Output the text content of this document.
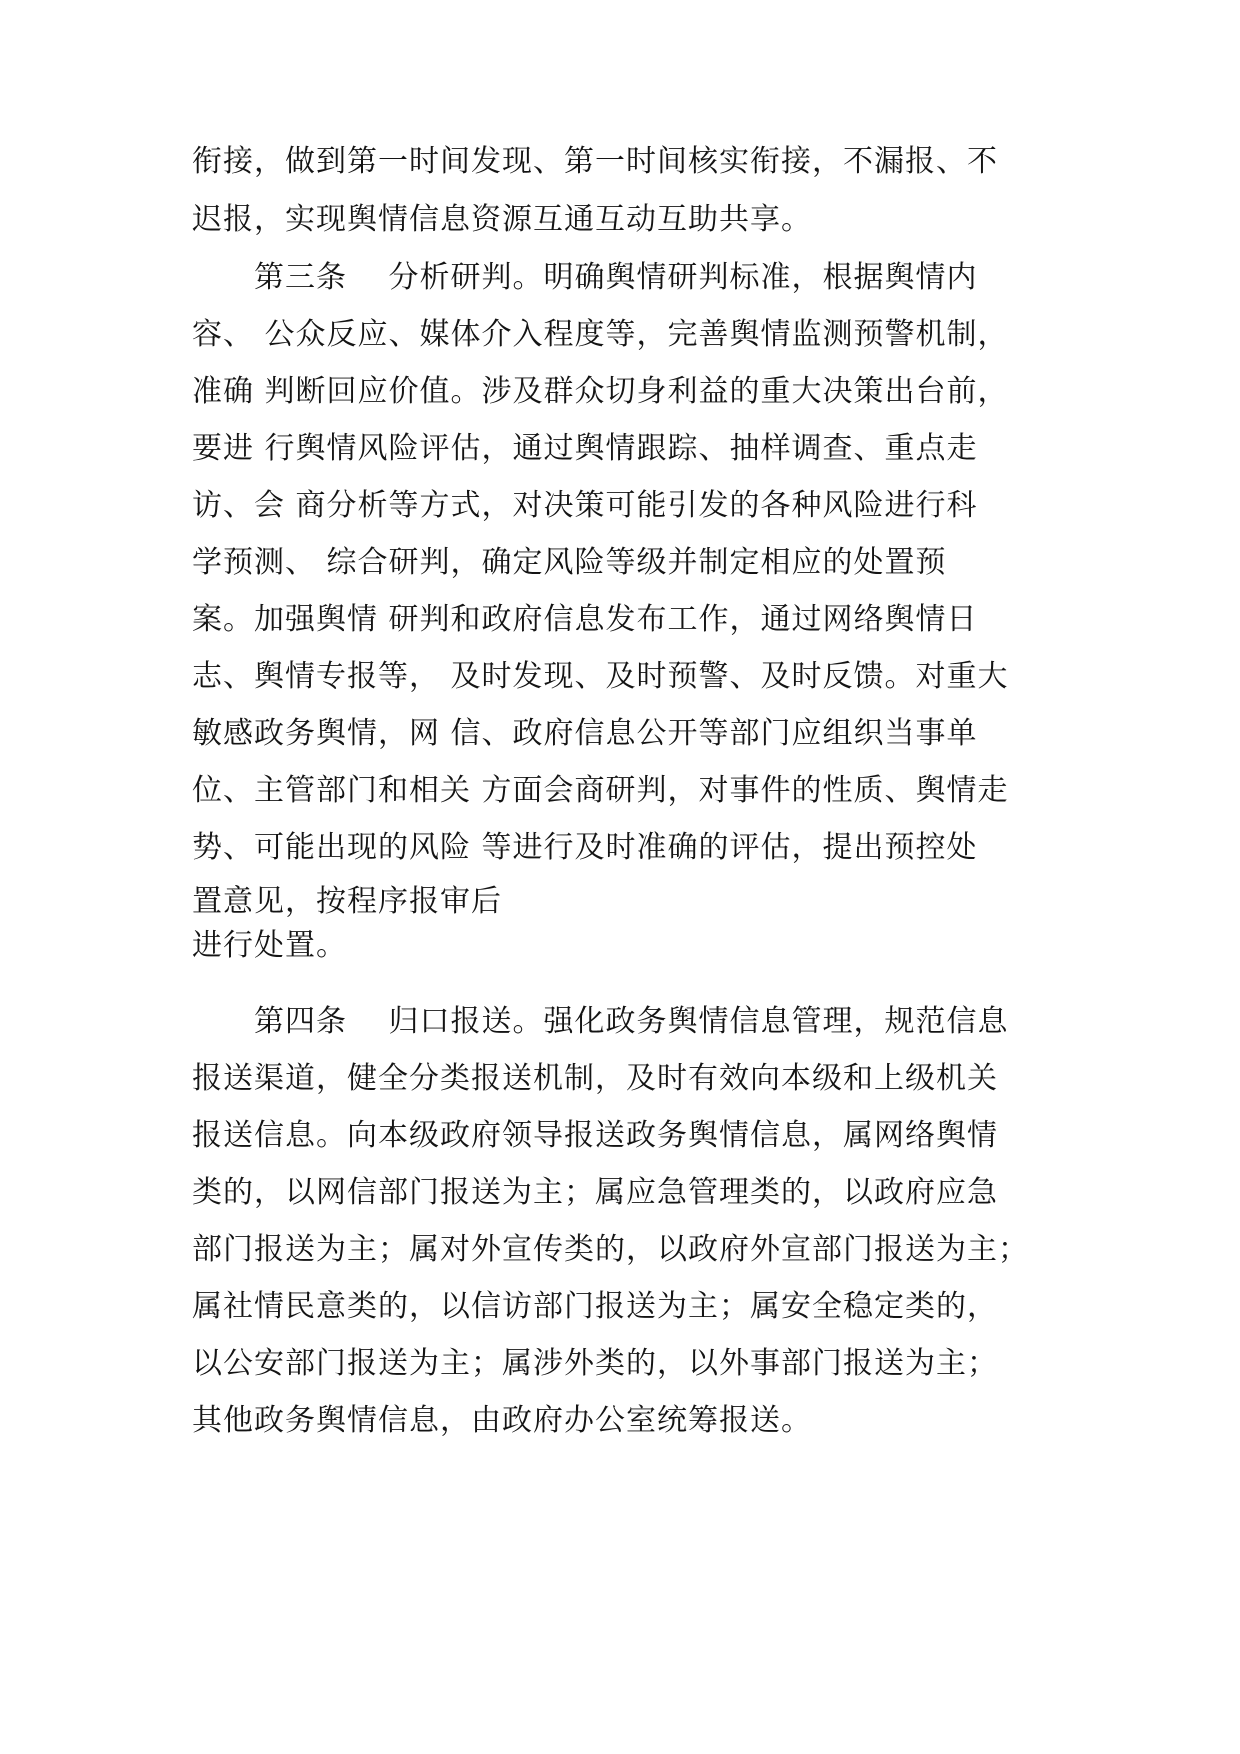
衔接，做到第一时间发现、第一时间核实衔接，不漏报、不
迟报，实现舆情信息资源互通互动互助共享。
　　第三条　 分析研判。明确舆情研判标准，根据舆情内
容、 公众反应、媒体介入程度等，完善舆情监测预警机制，
准确 判断回应价值。涉及群众切身利益的重大决策出台前，
要进 行舆情风险评估，通过舆情跟踪、抽样调查、重点走
访、会 商分析等方式，对决策可能引发的各种风险进行科
学预测、 综合研判，确定风险等级并制定相应的处置预
案。加强舆情 研判和政府信息发布工作，通过网络舆情日
志、舆情专报等， 及时发现、及时预警、及时反馈。对重大
敏感政务舆情，网 信、政府信息公开等部门应组织当事单
位、主管部门和相关 方面会商研判，对事件的性质、舆情走
势、可能出现的风险 等进行及时准确的评估，提出预控处
置意见，按程序报审后
进行处置。
　　第四条　 归口报送。强化政务舆情信息管理，规范信息
报送渠道，健全分类报送机制，及时有效向本级和上级机关
报送信息。向本级政府领导报送政务舆情信息，属网络舆情
类的，以网信部门报送为主；属应急管理类的，以政府应急
部门报送为主；属对外宣传类的，以政府外宣部门报送为主；
属社情民意类的，以信访部门报送为主；属安全稳定类的，
以公安部门报送为主；属涉外类的，以外事部门报送为主；
其他政务舆情信息，由政府办公室统筹报送。
